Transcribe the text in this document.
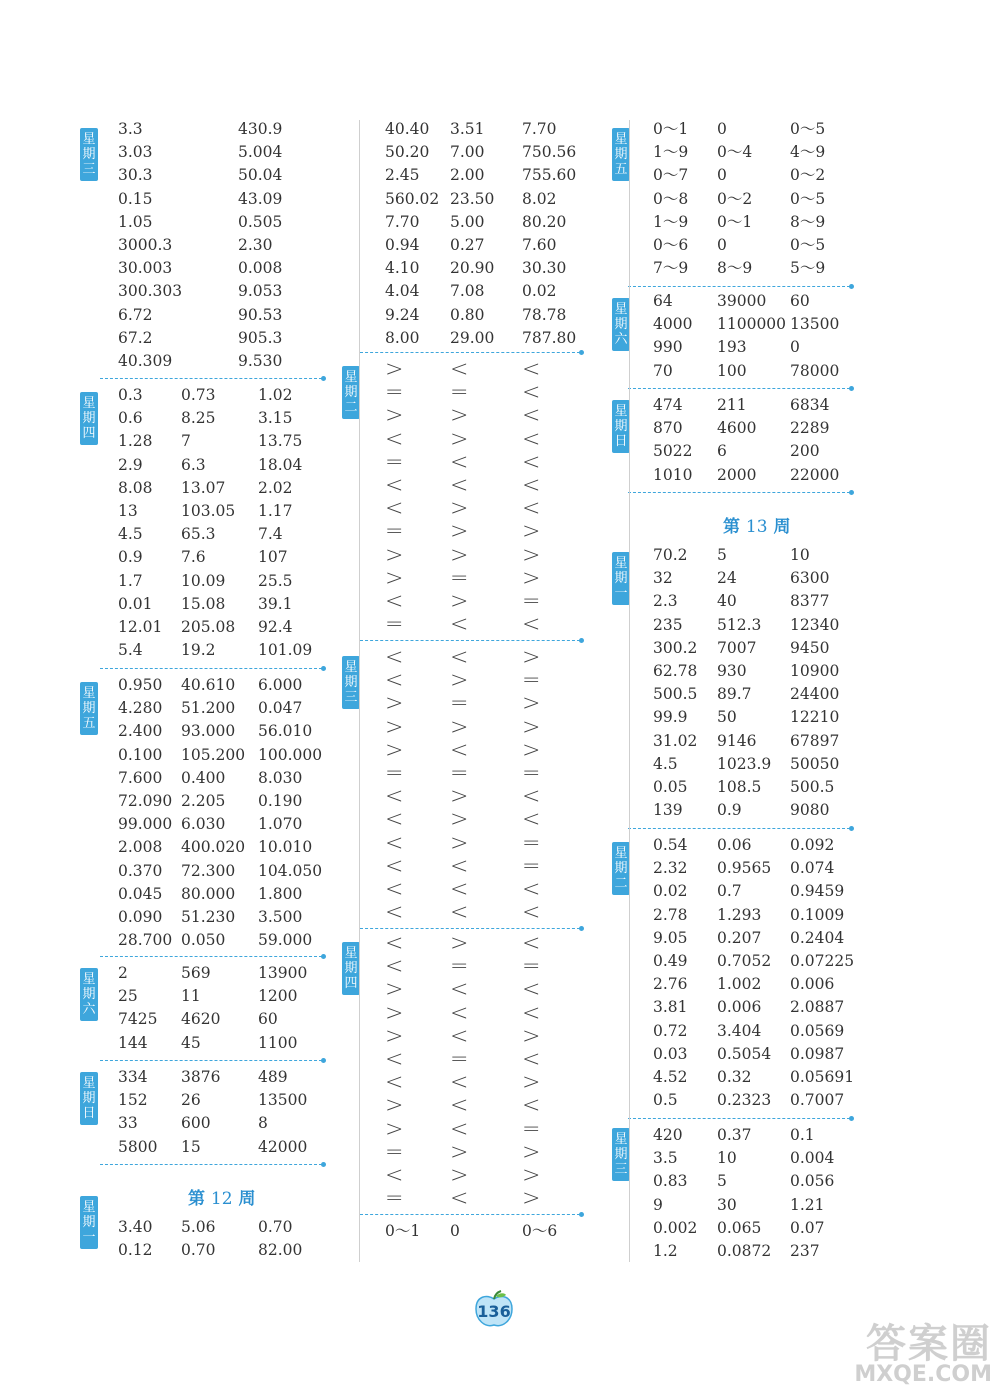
星
期
三
3.3	430.9
3.03	5.004
30.3	50.04
0.15	43.09
1.05	0.505
3000.3	2.30
30.003	0.008
300.303	9.053
6.72	90.53
67.2	905.3
40.309	9.530
星
期
四
0.3 0.73	1.02
0.6 8.25	3.15
1.28 7	13.75
2.9 6.3	18.04
8.08 13.07 2.02
13	103.05 1.17
4.5 65.3	7.4
0.9 7.6	107
1.7 10.09 25.5
0.01 15.08 39.1
12.01 205.08 92.4
5.4 19.2	101.09
星
期
五
0.950 40.610 6.000
4.280 51.200 0.047
2.400 93.000 56.010
0.100 105.200 100.000
7.600 0.400 8.030
72.090 2.205 0.190
99.000 6.030 1.070
2.008 400.020 10.010
0.370 72.300 104.050
0.045 80.000 1.800
0.090 51.230 3.500
28.700 0.050 59.000
星
期
六
2	569	13900
25	11	1200
7425 4620 60
144 45	1100
星
期
日
334 3876 489
152 26	13500
33	600	8
5800 15	42000
星
期
一
3.40 5.06	0.70
0.12 0.70	82.00
第 12 周
40.40 3.51 7.70
50.20 7.00 750.56
2.45 2.00 755.60
560.02 23.50 8.02
7.70 5.00 80.20
0.94 0.27 7.60
4.10 20.90 30.30
4.04 7.08 0.02
9.24 0.80 78.78
8.00 29.00 787.80
星
期
二
> < <
= = <
> > <
< > <
= < <
< < <
< > <
= > >
> > >
> = >
< > =
= < <
星
期
三
< < >
< > =
> = >
> > >
> < >
= = =
< > <
< > <
< > =
< < =
< < <
< < <
星
期
四
< > <
< = =
> < <
> < <
> < >
< = <
< < >
> < <
> < =
= > >
< > >
= < >
0～1 0	0～6
星
期
五
0～1 0	0～5
1～9 0～4 4～9
0～7 0	0～2
0～8 0～2 0～5
1～9 0～1 8～9
0～6 0	0～5
7～9 8～9 5～9
星
期
六
64	39000 60
4000 1100000 13500
990 193	0
70	100	78000
星
期
日
474 211	6834
870 4600 2289
5022 6	200
1010 2000 22000
星
期
一
70.2 5	10
32	24	6300
2.3	40	8377
235 512.3 12340
300.2 7007 9450
62.78 930	10900
500.5 89.7 24400
99.9 50	12210
31.02 9146 67897
4.5	1023.9 50050
0.05 108.5 500.5
139 0.9	9080
星
期
二
0.54 0.06 0.092
2.32 0.9565 0.074
0.02 0.7	0.9459
2.78 1.293 0.1009
9.05 0.207 0.2404
0.49 0.7052 0.07225
2.76 1.002 0.006
3.81 0.006 2.0887
0.72 3.404 0.0569
0.03 0.5054 0.0987
4.52 0.32 0.05691
0.5	0.2323 0.7007
星
期
三
420 0.37 0.1
3.5	10	0.004
0.83 5	0.056
9	30	1.21
0.002 0.065 0.07
1.2	0.0872 237
第 13 周
136
答案圈
MXQE.COM
